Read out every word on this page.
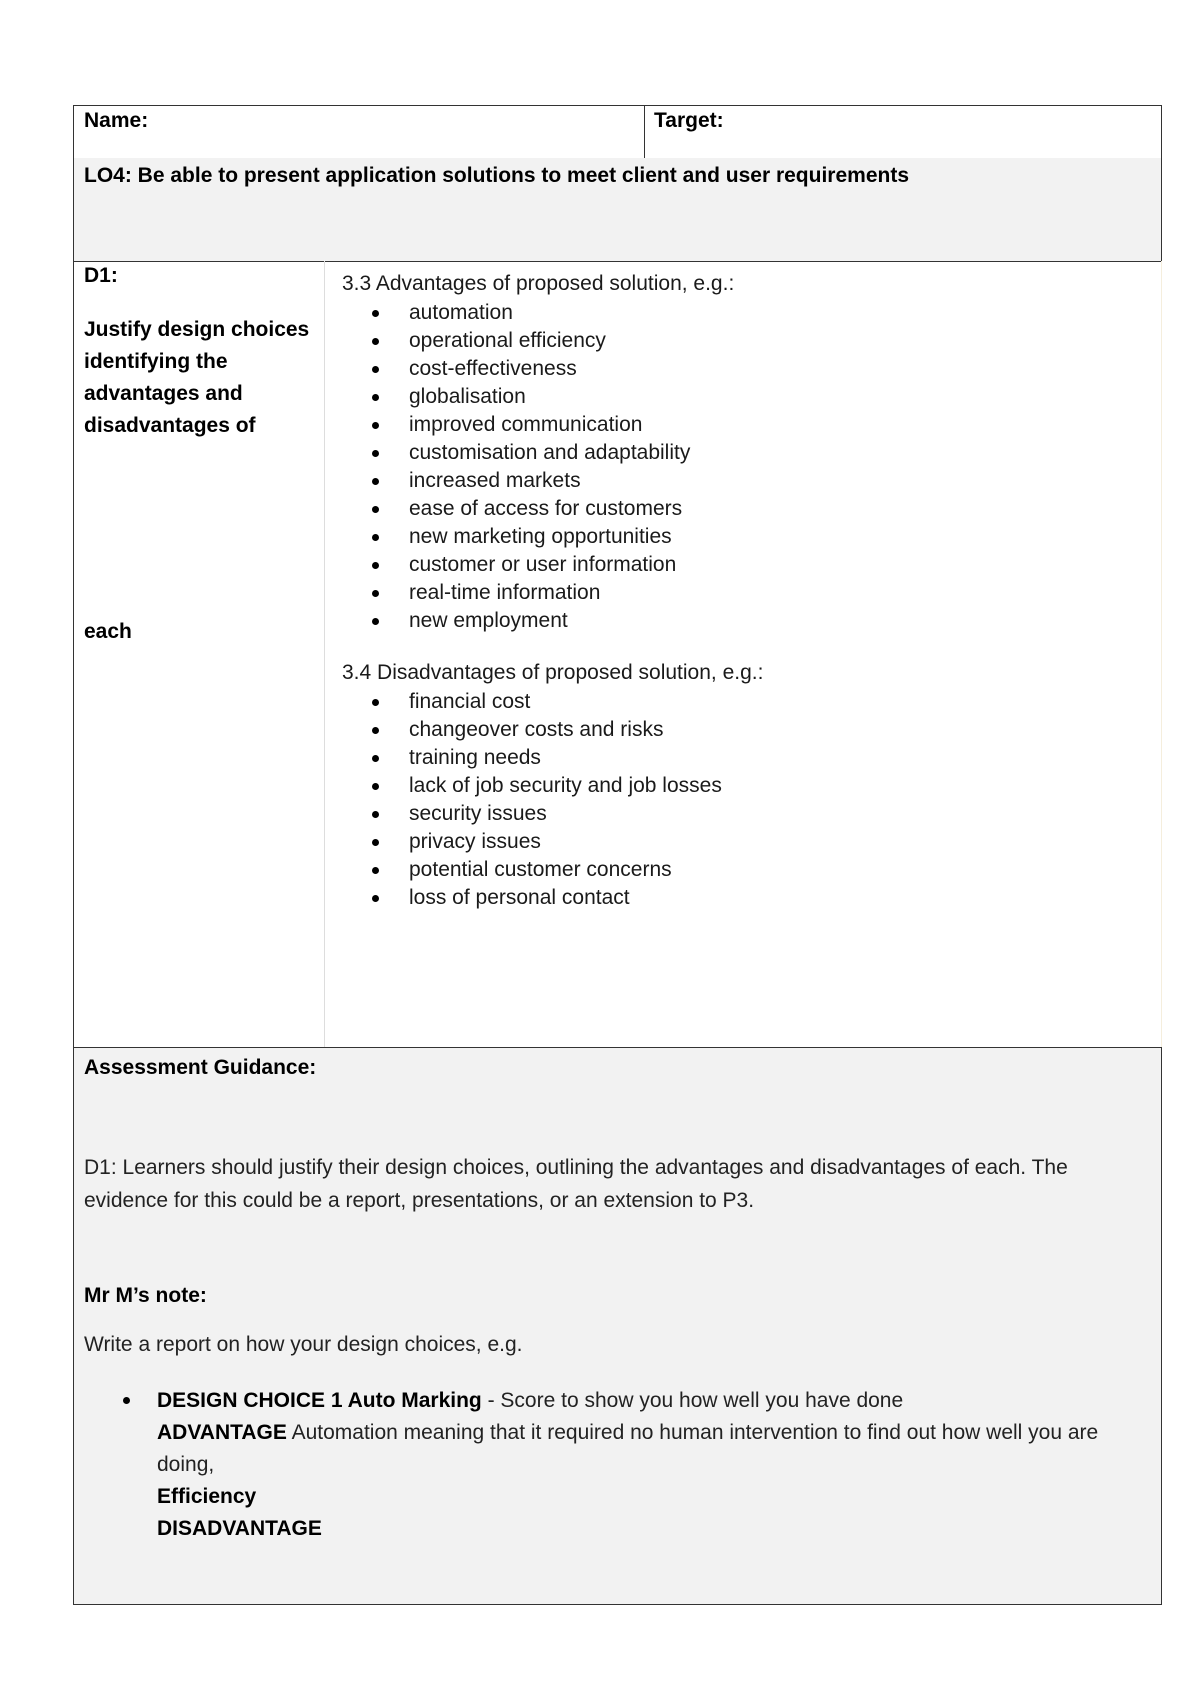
Name:	Target:
LO4: Be able to present application solutions to meet client and user requirements
D1:
Justify design choices identifying the advantages and disadvantages of
each
3.3 Advantages of proposed solution, e.g.:
automation
operational efficiency
cost-effectiveness
globalisation
improved communication
customisation and adaptability
increased markets
ease of access for customers
new marketing opportunities
customer or user information
real-time information
new employment
3.4 Disadvantages of proposed solution, e.g.:
financial cost
changeover costs and risks
training needs
lack of job security and job losses
security issues
privacy issues
potential customer concerns
loss of personal contact
Assessment Guidance:
D1: Learners should justify their design choices, outlining the advantages and disadvantages of each. The evidence for this could be a report, presentations, or an extension to P3.
Mr M’s note:
Write a report on how your design choices, e.g.
DESIGN CHOICE 1 Auto Marking - Score to show you how well you have done
ADVANTAGE Automation meaning that it required no human intervention to find out how well you are doing,
Efficiency
DISADVANTAGE
